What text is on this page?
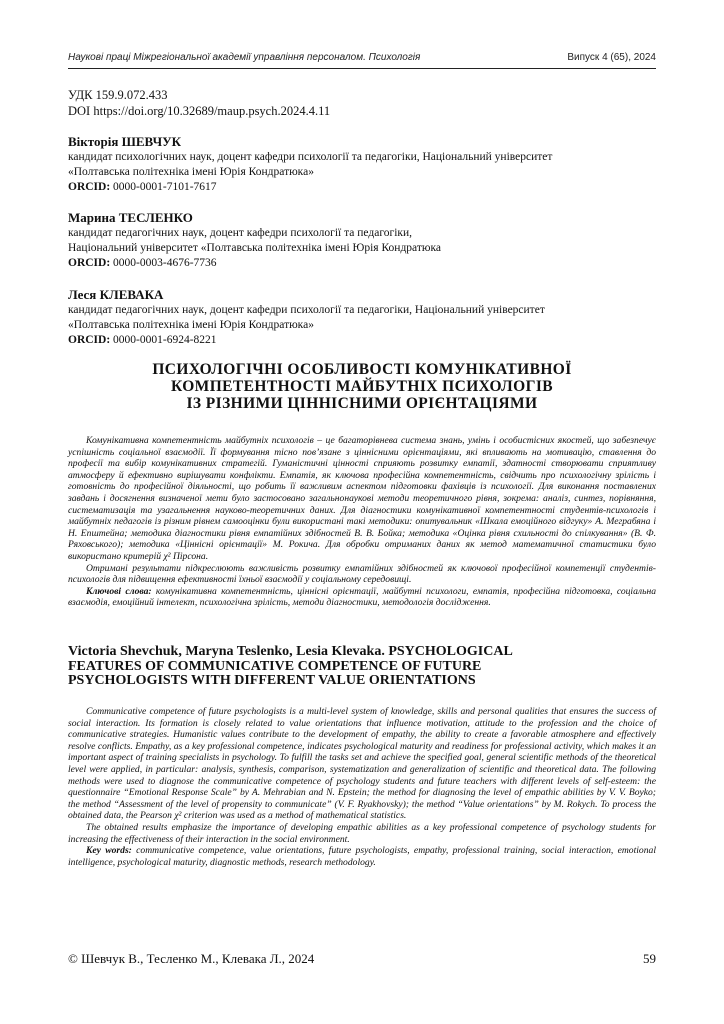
Наукові праці Міжрегіональної академії управління персоналом. Психологія	Випуск 4 (65), 2024
УДК 159.9.072.433
DOI https://doi.org/10.32689/maup.psych.2024.4.11
Вікторія ШЕВЧУК
кандидат психологічних наук, доцент кафедри психології та педагогіки, Національний університет
«Полтавська політехніка імені Юрія Кондратюка»
ORCID: 0000-0001-7101-7617
Марина ТЕСЛЕНКО
кандидат педагогічних наук, доцент кафедри психології та педагогіки,
Національний університет «Полтавська політехніка імені Юрія Кондратюка
ORCID: 0000-0003-4676-7736
Леся КЛЕВАКА
кандидат педагогічних наук, доцент кафедри психології та педагогіки, Національний університет
«Полтавська політехніка імені Юрія Кондратюка»
ORCID: 0000-0001-6924-8221
ПСИХОЛОГІЧНІ ОСОБЛИВОСТІ КОМУНІКАТИВНОЇ
КОМПЕТЕНТНОСТІ МАЙБУТНІХ ПСИХОЛОГІВ
ІЗ РІЗНИМИ ЦІННІСНИМИ ОРІЄНТАЦІЯМИ

Комунікативна компетентність майбутніх психологів – це багаторівнева система знань, умінь і особистісних якостей, що забезпечує успішність соціальної взаємодії. Її формування тісно пов’язане з ціннісними орієнтаціями, які впливають на мотивацію, ставлення до професії та вибір комунікативних стратегій. Гуманістичні цінності сприяють розвитку емпатії, здатності створювати сприятливу атмосферу й ефективно вирішувати конфлікти. Емпатія, як ключова професійна компетентність, свідчить про психологічну зрілість і готовність до професійної діяльності, що робить її важливим аспектом підготовки фахівців із психології. Для виконання поставлених завдань і досягнення визначеної мети було застосовано загальнонаукові методи теоретичного рівня, зокрема: аналіз, синтез, порівняння, систематизація та узагальнення науково-теоретичних даних. Для діагностики комунікативної компетентності студентів-психологів і майбутніх педагогів із різним рівнем самооцінки були використані такі методики: опитувальник «Шкала емоційного відгуку» А. Меграбяна і Н. Епштейна; методика діагностики рівня емпатійних здібностей В. В. Бойка; методика «Оцінка рівня схильності до спілкування» (В. Ф. Ряховського); методика «Ціннісні орієнтації» М. Рокича. Для обробки отриманих даних як метод математичної статистики було використано критерій χ² Пірсона.

Отримані результати підкреслюють важливість розвитку емпатійних здібностей як ключової професійної компетенції студентів-психологів для підвищення ефективності їхньої взаємодії у соціальному середовищі.

Ключові слова: комунікативна компетентність, ціннісні орієнтації, майбутні психологи, емпатія, професійна підготовка, соціальна взаємодія, емоційний інтелект, психологічна зрілість, методи діагностики, методологія дослідження.

Victoria Shevchuk, Maryna Teslenko, Lesia Klevaka. PSYCHOLOGICAL
FEATURES OF COMMUNICATIVE COMPETENCE OF FUTURE
PSYCHOLOGISTS WITH DIFFERENT VALUE ORIENTATIONS

Communicative competence of future psychologists is a multi-level system of knowledge, skills and personal qualities that ensures the success of social interaction. Its formation is closely related to value orientations that influence motivation, attitude to the profession and the choice of communicative strategies. Humanistic values contribute to the development of empathy, the ability to create a favorable atmosphere and effectively resolve conflicts. Empathy, as a key professional competence, indicates psychological maturity and readiness for professional activity, which makes it an important aspect of training specialists in psychology. To fulfill the tasks set and achieve the specified goal, general scientific methods of the theoretical level were applied, in particular: analysis, synthesis, comparison, systematization and generalization of scientific and theoretical data. The following methods were used to diagnose the communicative competence of psychology students and future teachers with different levels of self-esteem: the questionnaire “Emotional Response Scale” by A. Mehrabian and N. Epstein; the method for diagnosing the level of empathic abilities by V. V. Boyko; the method “Assessment of the level of propensity to communicate” (V. F. Ryakhovsky); the method “Value orientations” by M. Rokych. To process the obtained data, the Pearson χ² criterion was used as a method of mathematical statistics.

The obtained results emphasize the importance of developing empathic abilities as a key professional competence of psychology students for increasing the effectiveness of their interaction in the social environment.

Key words: communicative competence, value orientations, future psychologists, empathy, professional training, social interaction, emotional intelligence, psychological maturity, diagnostic methods, research methodology.

© Шевчук В., Тесленко М., Клевака Л., 2024	59
